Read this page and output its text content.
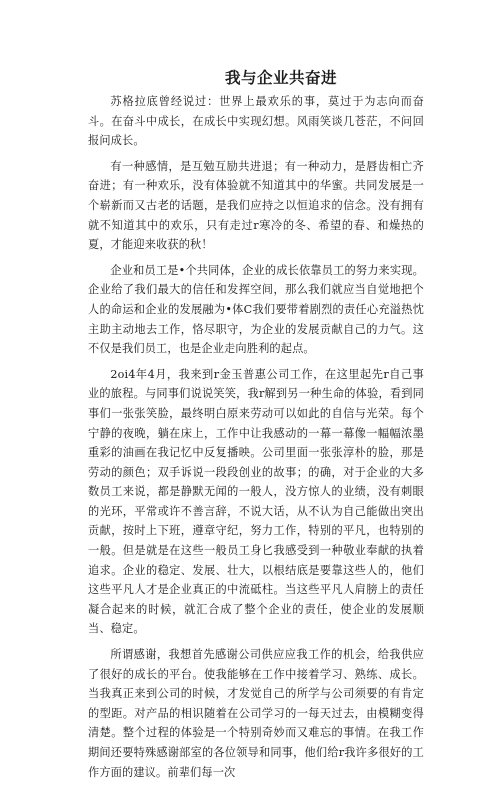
我与企业共奋进

苏格拉底曾经说过：世界上最欢乐的事，莫过于为志向而奋斗。在奋斗中成长，在成长中实现幻想。风雨笑谈几苍茫，不问回报问成长。

有一种感情，是互勉互励共进退；有一种动力，是唇齿相亡齐奋进；有一种欢乐，没有体验就不知道其中的华蜜。共同发展是一个崭新而又古老的话题，是我们应持之以恒追求的信念。没有拥有就不知道其中的欢乐，只有走过r寒冷的冬、希望的春、和燥热的夏，才能迎来收获的秋！

企业和员工是•个共同体，企业的成长依靠员工的努力来实现。企业给了我们最大的信任和发挥空间，那么我们就应当自觉地把个人的命运和企业的发展融为•体C我们要带着剧烈的责任心充溢热忱主助主动地去工作，恪尽职守，为企业的发展贡献自己的力气。这不仅是我们员工，也是企业走向胜利的起点。

2oi4年4月，我来到r金玉普惠公司工作，在这里起先r自己事业的旅程。与同事们说说笑笑，我r解到另一种生命的体验，看到同事们一张张笑脸，最终明白原来劳动可以如此的自信与光荣。每个宁静的夜晚，躺在床上，工作中让我感动的一幕一幕像一幅幅浓墨重彩的油画在我记忆中反复播映。公司里面一张张淳朴的脸，那是劳动的颜色；双手诉说一段段创业的故事；的确，对于企业的大多数员工来说，都是静默无闻的一般人，没方惊人的业绩，没有刺眼的光环，平常或许不善言辞，不说大话，从不认为自己能做出突出贡献，按时上下班，遵章守纪，努力工作，特别的平凡，也特别的一般。但是就是在这些一般员工身匕我感受到一种敬业奉献的执着追求。企业的稳定、发展、壮大，以根结底是要靠这些人的，他们这些平凡人才是企业真正的中流砥柱。当这些平凡人肩膀上的责任凝合起来的时候，就汇合成了整个企业的责任，使企业的发展顺当、稳定。

所谓感谢，我想首先感谢公司供应应我工作的机会，给我供应了很好的成长的平台。使我能够在工作中接着学习、熟练、成长。当我真正来到公司的时候，才发觉自己的所学与公司须要的有肯定的型距。对产品的相识随着在公司学习的一每天过去，由模糊变得清楚。整个过程的体验是一个特别奇妙而又难忘的事情。在我工作期间还要特殊感谢部室的各位领导和同事，他们给r我许多很好的工作方面的建议。前辈们每一次
